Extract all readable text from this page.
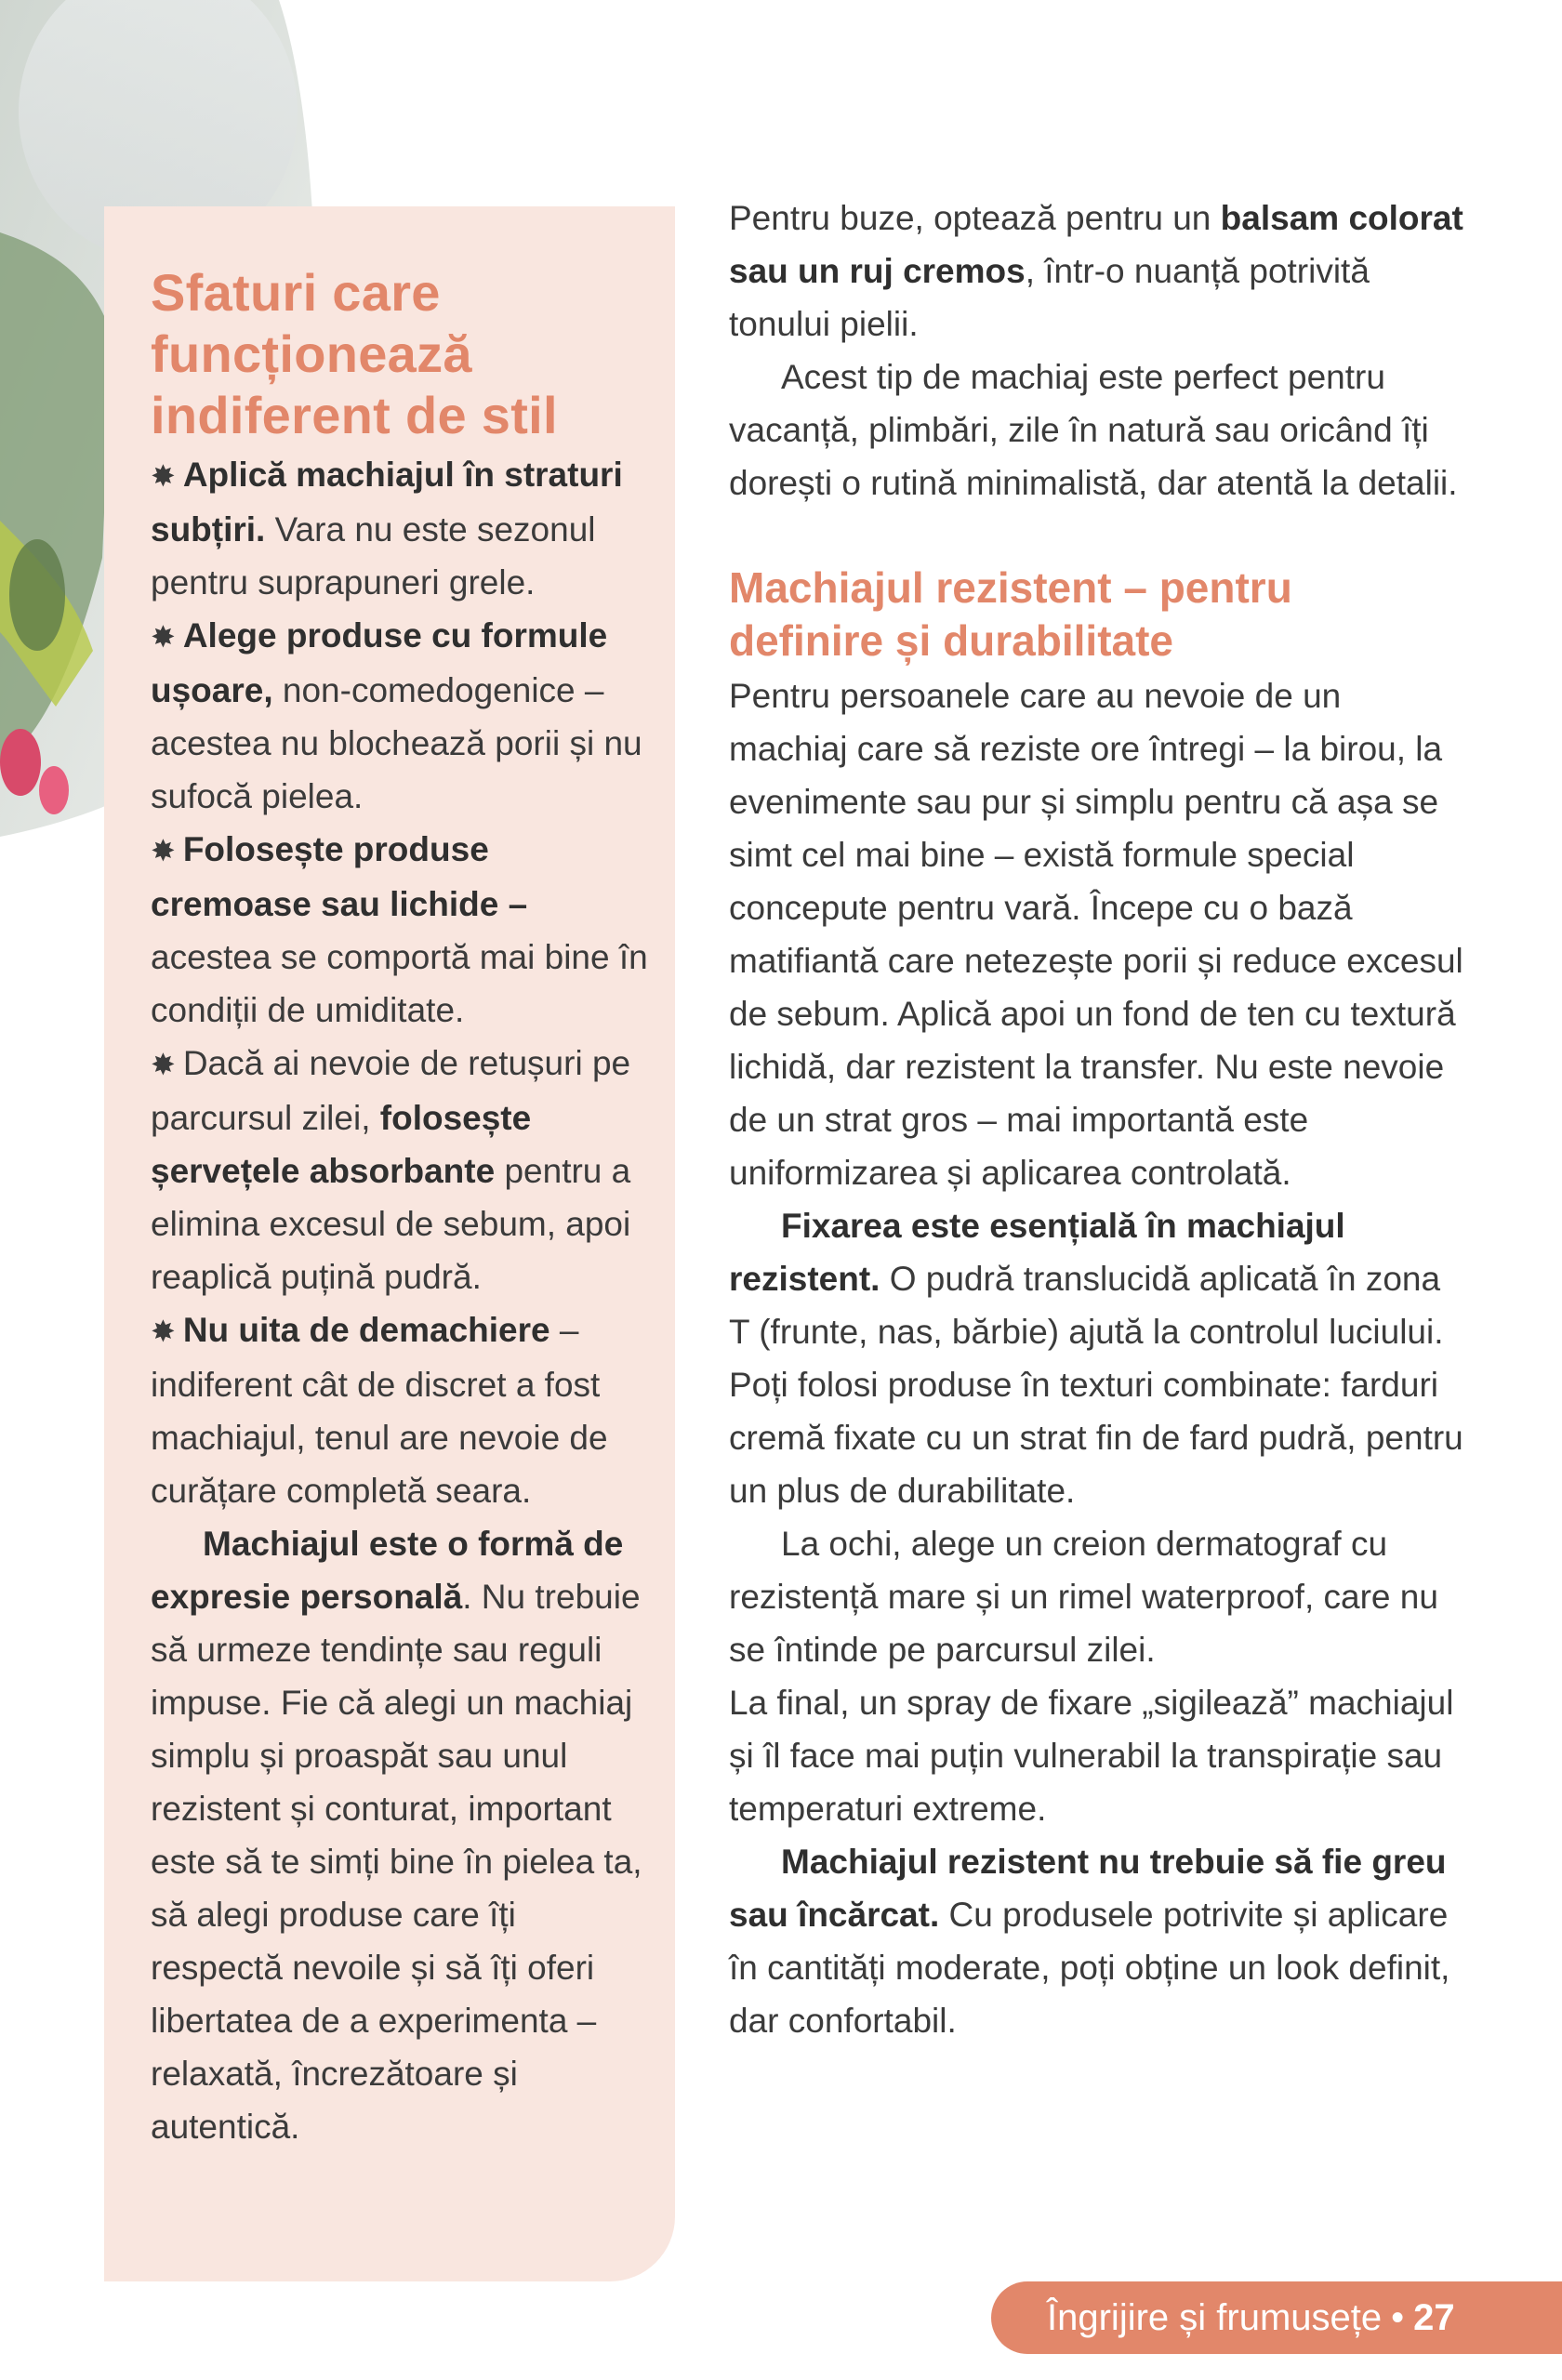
Sfaturi care
funcționează
indiferent de stil

✸ Aplică machiajul în straturi subțiri. Vara nu este sezonul pentru suprapuneri grele.

✸ Alege produse cu formule ușoare, non-comedogenice – acestea nu blochează porii și nu sufocă pielea.

✸ Folosește produse cremoase sau lichide – acestea se comportă mai bine în condiții de umiditate.

✸ Dacă ai nevoie de retușuri pe parcursul zilei, folosește șervețele absorbante pentru a elimina excesul de sebum, apoi reaplică puțină pudră.

✸ Nu uita de demachiere – indiferent cât de discret a fost machiajul, tenul are nevoie de curățare completă seara.

Machiajul este o formă de expresie personală. Nu trebuie să urmeze tendințe sau reguli impuse. Fie că alegi un machiaj simplu și proaspăt sau unul rezistent și conturat, important este să te simți bine în pielea ta, să alegi produse care îți respectă nevoile și să îți oferi libertatea de a experimenta – relaxată, încrezătoare și autentică.

Pentru buze, optează pentru un balsam colorat sau un ruj cremos, într-o nuanță potrivită tonului pielii.

Acest tip de machiaj este perfect pentru vacanță, plimbări, zile în natură sau oricând îți dorești o rutină minimalistă, dar atentă la detalii.

Machiajul rezistent – pentru
definire și durabilitate

Pentru persoanele care au nevoie de un machiaj care să reziste ore întregi – la birou, la evenimente sau pur și simplu pentru că așa se simt cel mai bine – există formule special concepute pentru vară. Începe cu o bază matifiantă care netezește porii și reduce excesul de sebum. Aplică apoi un fond de ten cu textură lichidă, dar rezistent la transfer. Nu este nevoie de un strat gros – mai importantă este uniformizarea și aplicarea controlată.

Fixarea este esențială în machiajul rezistent. O pudră translucidă aplicată în zona T (frunte, nas, bărbie) ajută la controlul luciului. Poți folosi produse în texturi combinate: farduri cremă fixate cu un strat fin de fard pudră, pentru un plus de durabilitate.

La ochi, alege un creion dermatograf cu rezistență mare și un rimel waterproof, care nu se întinde pe parcursul zilei.

La final, un spray de fixare „sigilează” machiajul și îl face mai puțin vulnerabil la transpirație sau temperaturi extreme.

Machiajul rezistent nu trebuie să fie greu sau încărcat. Cu produsele potrivite și aplicare în cantități moderate, poți obține un look definit, dar confortabil.

Îngrijire și frumusețe • 27
